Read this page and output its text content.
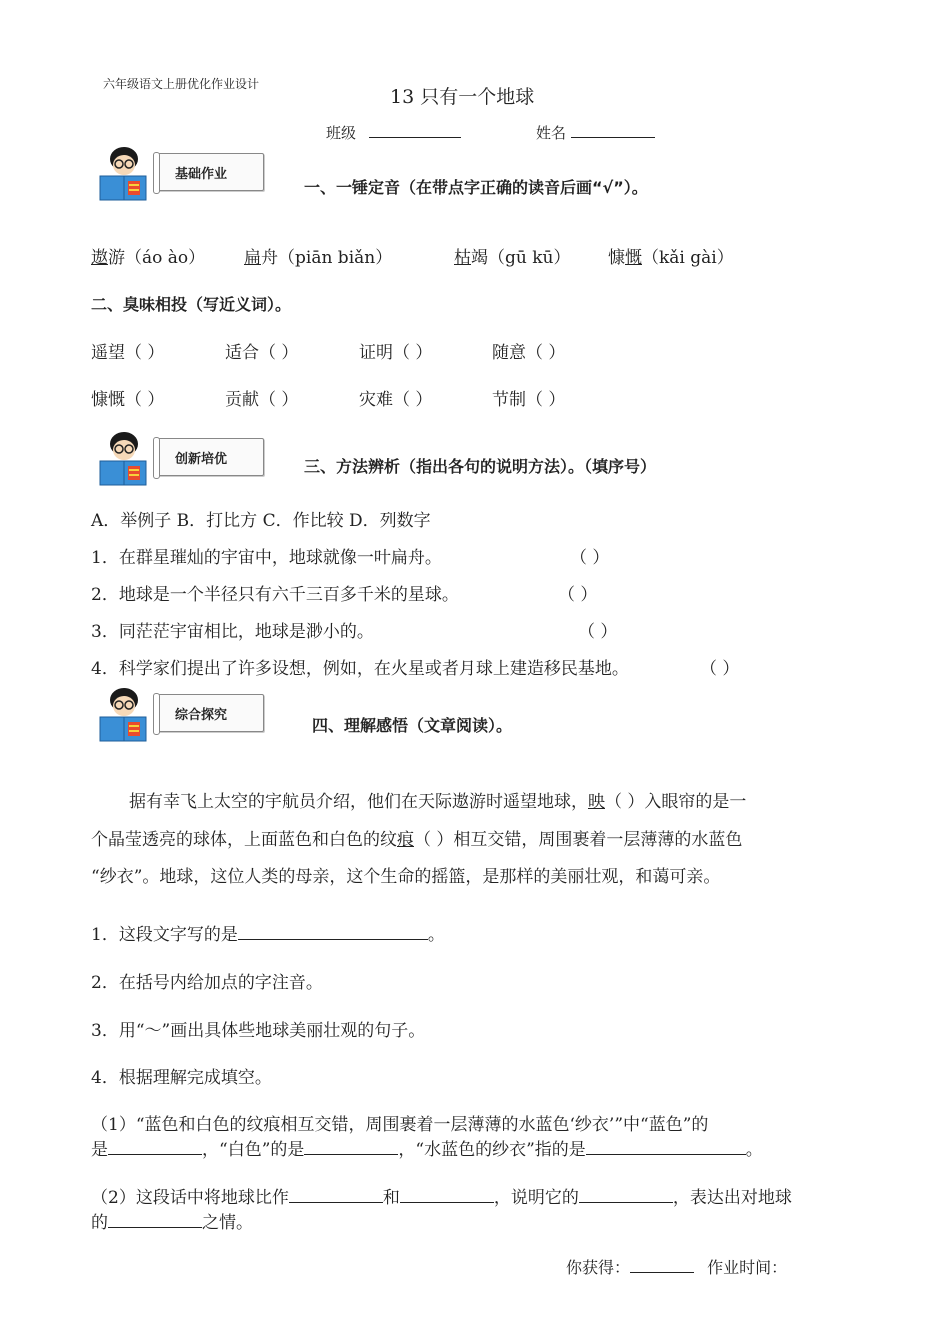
六年级语文上册优化作业设计
13 只有一个地球
班级	姓名
基础作业
一、一锤定音（在带点字正确的读音后画“√”）。
遨游（áo ào） 扁舟（piān biǎn）	枯竭（gū kū） 慷慨（kǎi gài）
二、臭味相投（写近义词）。
遥望（ ）	适合（ ）	证明（ ）	随意（ ）
慷慨（ ）	贡献（ ）	灾难（ ）	节制（ ）
创新培优	三、方法辨析（指出各句的说明方法）。（填序号）
A．举例子 B．打比方 C．作比较 D．列数字
1．在群星璀灿的宇宙中，地球就像一叶扁舟。	（ ）
2．地球是一个半径只有六千三百多千米的星球。	（ ）
3．同茫茫宇宙相比，地球是渺小的。	（ ）
4．科学家们提出了许多设想，例如，在火星或者月球上建造移民基地。	（ ）
综合探究
四、理解感悟（文章阅读）。
据有幸飞上太空的宇航员介绍，他们在天际遨游时遥望地球，映（ ）入眼帘的是一
个晶莹透亮的球体，上面蓝色和白色的纹痕（ ）相互交错，周围裹着一层薄薄的水蓝色
“纱衣”。地球，这位人类的母亲，这个生命的摇篮，是那样的美丽壮观，和蔼可亲。
1．这段文字写的是	。
2．在括号内给加点的字注音。
3．用“～”画出具体些地球美丽壮观的句子。
4．根据理解完成填空。
（1）“蓝色和白色的纹痕相互交错，周围裹着一层薄薄的水蓝色‘纱衣’”中“蓝色”的
是	，“白色”的是	，“水蓝色的纱衣”指的是	。
（2）这段话中将地球比作	和	，说明它的	，表达出对地球
的	之情。
你获得：	作业时间：
